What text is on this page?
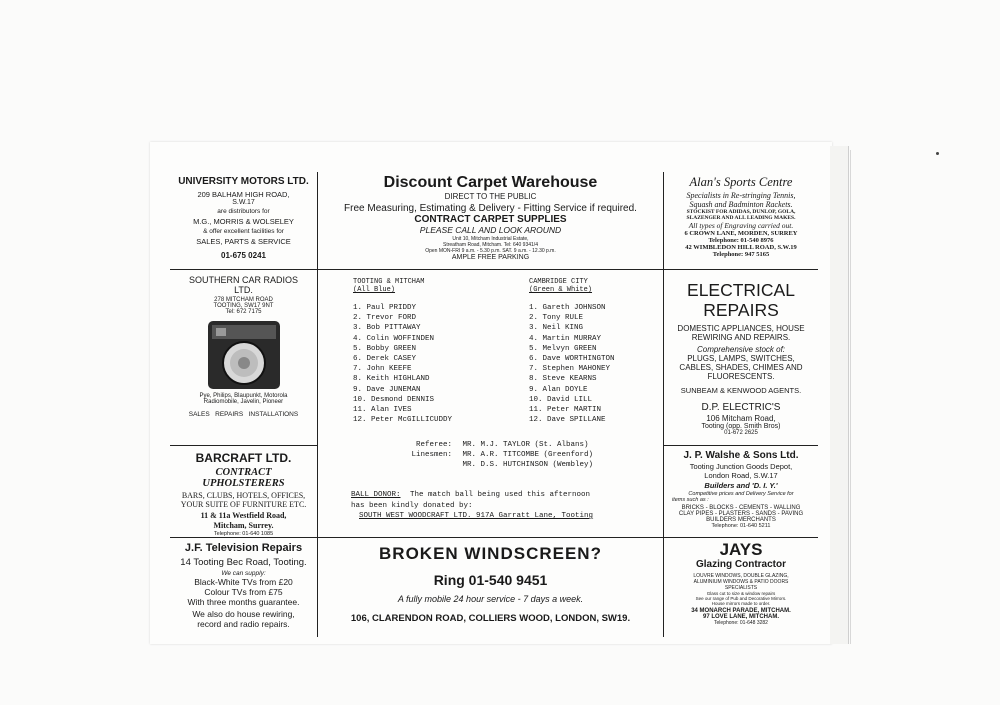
UNIVERSITY MOTORS LTD.
209 BALHAM HIGH ROAD,
S.W.17
are distributors for
M.G., MORRIS & WOLSELEY
& offer excellent facilities for
SALES, PARTS & SERVICE
01-675 0241
Discount Carpet Warehouse
DIRECT TO THE PUBLIC
Free Measuring, Estimating & Delivery - Fitting Service if required.
CONTRACT CARPET SUPPLIES
PLEASE CALL AND LOOK AROUND
Unit 10, Mitcham Industrial Estate,
Streatham Road, Mitcham. Tel: 640 9341/4
Open MON-FRI 9 a.m. - 5.30 p.m. SAT. 9 a.m. - 12.30 p.m.
AMPLE FREE PARKING
Alan's Sports Centre
Specialists in Re-stringing Tennis,
Squash and Badminton Rackets.
STOCKIST FOR ADIDAS, DUNLOP, GOLA,
SLAZENGER AND ALL LEADING MAKES.
All types of Engraving carried out.
6 CROWN LANE, MORDEN, SURREY
Telephone: 01-540 8976
42 WIMBLEDON HILL ROAD, S.W.19
Telephone: 947 5165
SOUTHERN CAR RADIOS
LTD.
278 MITCHAM ROAD
TOOTING, SW17 9NT
Tel: 672 7175
Pye, Philips, Blaupunkt, Motorola
Radiomobile, Javelin, Pioneer
SALES   REPAIRS   INSTALLATIONS
TOOTING & MITCHAM
(All Blue)
1. Paul PRIDDY
2. Trevor FORD
3. Bob PITTAWAY
4. Colin WOFFINDEN
5. Bobby GREEN
6. Derek CASEY
7. John KEEFE
8. Keith HIGHLAND
9. Dave JUNEMAN
10. Desmond DENNIS
11. Alan IVES
12. Peter McGILLICUDDY
CAMBRIDGE CITY
(Green & White)
1. Gareth JOHNSON
2. Tony RULE
3. Neil KING
4. Martin MURRAY
5. Melvyn GREEN
6. Dave WORTHINGTON
7. Stephen MAHONEY
8. Steve KEARNS
9. Alan DOYLE
10. David LILL
11. Peter MARTIN
12. Dave SPILLANE
Referee: MR. M.J. TAYLOR (St. Albans)
Linesmen: MR. A.R. TITCOMBE (Greenford)
MR. D.S. HUTCHINSON (Wembley)
BALL DONOR: The match ball being used this afternoon
has been kindly donated by:
SOUTH WEST WOODCRAFT LTD. 917A Garratt Lane, Tooting
ELECTRICAL
REPAIRS
DOMESTIC APPLIANCES, HOUSE
REWIRING AND REPAIRS.
Comprehensive stock of:
PLUGS, LAMPS, SWITCHES,
CABLES, SHADES, CHIMES AND
FLUORESCENTS.
SUNBEAM & KENWOOD AGENTS.
D.P. ELECTRIC'S
106 Mitcham Road,
Tooting (opp. Smith Bros)
01-672 2625
BARCRAFT LTD.
CONTRACT
UPHOLSTERERS
BARS, CLUBS, HOTELS, OFFICES,
YOUR SUITE OF FURNITURE ETC.
11 & 11a Westfield Road,
Mitcham, Surrey.
Telephone: 01-640 1085
J. P. Walshe & Sons Ltd.
Tooting Junction Goods Depot,
London Road, S.W.17
Builders and 'D. I. Y.'
Competitive prices and Delivery Service for
items such as :
BRICKS - BLOCKS - CEMENTS - WALLING
CLAY PIPES - PLASTERS - SANDS - PAVING
BUILDERS MERCHANTS
Telephone: 01-640 5211
J.F. Television Repairs
14 Tooting Bec Road, Tooting.
We can supply:
Black-White TVs from £20
Colour TVs from £75
With three months guarantee.
We also do house rewiring,
record and radio repairs.
BROKEN WINDSCREEN?
Ring 01-540 9451
A fully mobile 24 hour service - 7 days a week.
106, CLARENDON ROAD, COLLIERS WOOD, LONDON, SW19.
JAYS
Glazing Contractor
LOUVRE WINDOWS, DOUBLE GLAZING,
ALUMINIUM WINDOWS & PATIO DOORS
SPECIALISTS
Glass cut to size & window repairs
See our range of Pub and Decorative Mirrors.
House mirrors made to order.
34 MONARCH PARADE, MITCHAM.
97 LOVE LANE, MITCHAM.
Telephone: 01-648 3282
